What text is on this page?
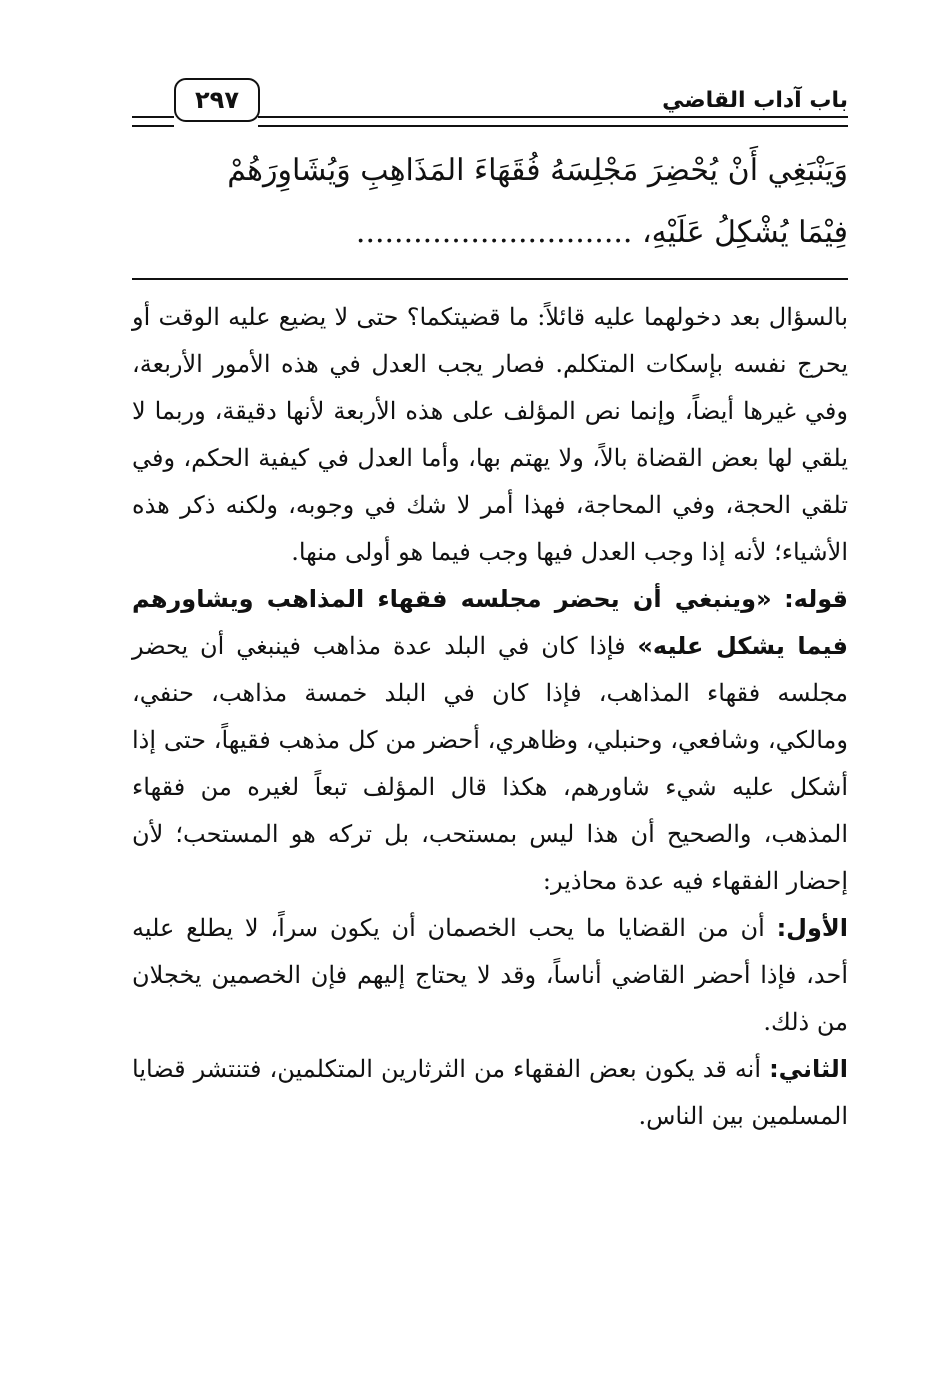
٢٩٧	باب آداب القاضي
وَيَنْبَغِي أَنْ يُحْضِرَ مَجْلِسَهُ فُقَهَاءَ المَذَاهِبِ وَيُشَاوِرَهُمْ
فِيْمَا يُشْكِلُ عَلَيْهِ، .............................

بالسؤال بعد دخولهما عليه قائلاً: ما قضيتكما؟ حتى لا يضيع عليه الوقت أو يحرج نفسه بإسكات المتكلم. فصار يجب العدل في هذه الأمور الأربعة، وفي غيرها أيضاً، وإنما نص المؤلف على هذه الأربعة لأنها دقيقة، وربما لا يلقي لها بعض القضاة بالاً، ولا يهتم بها، وأما العدل في كيفية الحكم، وفي تلقي الحجة، وفي المحاجة، فهذا أمر لا شك في وجوبه، ولكنه ذكر هذه الأشياء؛ لأنه إذا وجب العدل فيها وجب فيما هو أولى منها.

قوله: «وينبغي أن يحضر مجلسه فقهاء المذاهب ويشاورهم فيما يشكل عليه» فإذا كان في البلد عدة مذاهب فينبغي أن يحضر مجلسه فقهاء المذاهب، فإذا كان في البلد خمسة مذاهب، حنفي، ومالكي، وشافعي، وحنبلي، وظاهري، أحضر من كل مذهب فقيهاً، حتى إذا أشكل عليه شيء شاورهم، هكذا قال المؤلف تبعاً لغيره من فقهاء المذهب، والصحيح أن هذا ليس بمستحب، بل تركه هو المستحب؛ لأن إحضار الفقهاء فيه عدة محاذير:

الأول: أن من القضايا ما يحب الخصمان أن يكون سراً، لا يطلع عليه أحد، فإذا أحضر القاضي أناساً، وقد لا يحتاج إليهم فإن الخصمين يخجلان من ذلك.

الثاني: أنه قد يكون بعض الفقهاء من الثرثارين المتكلمين، فتنتشر قضايا المسلمين بين الناس.
